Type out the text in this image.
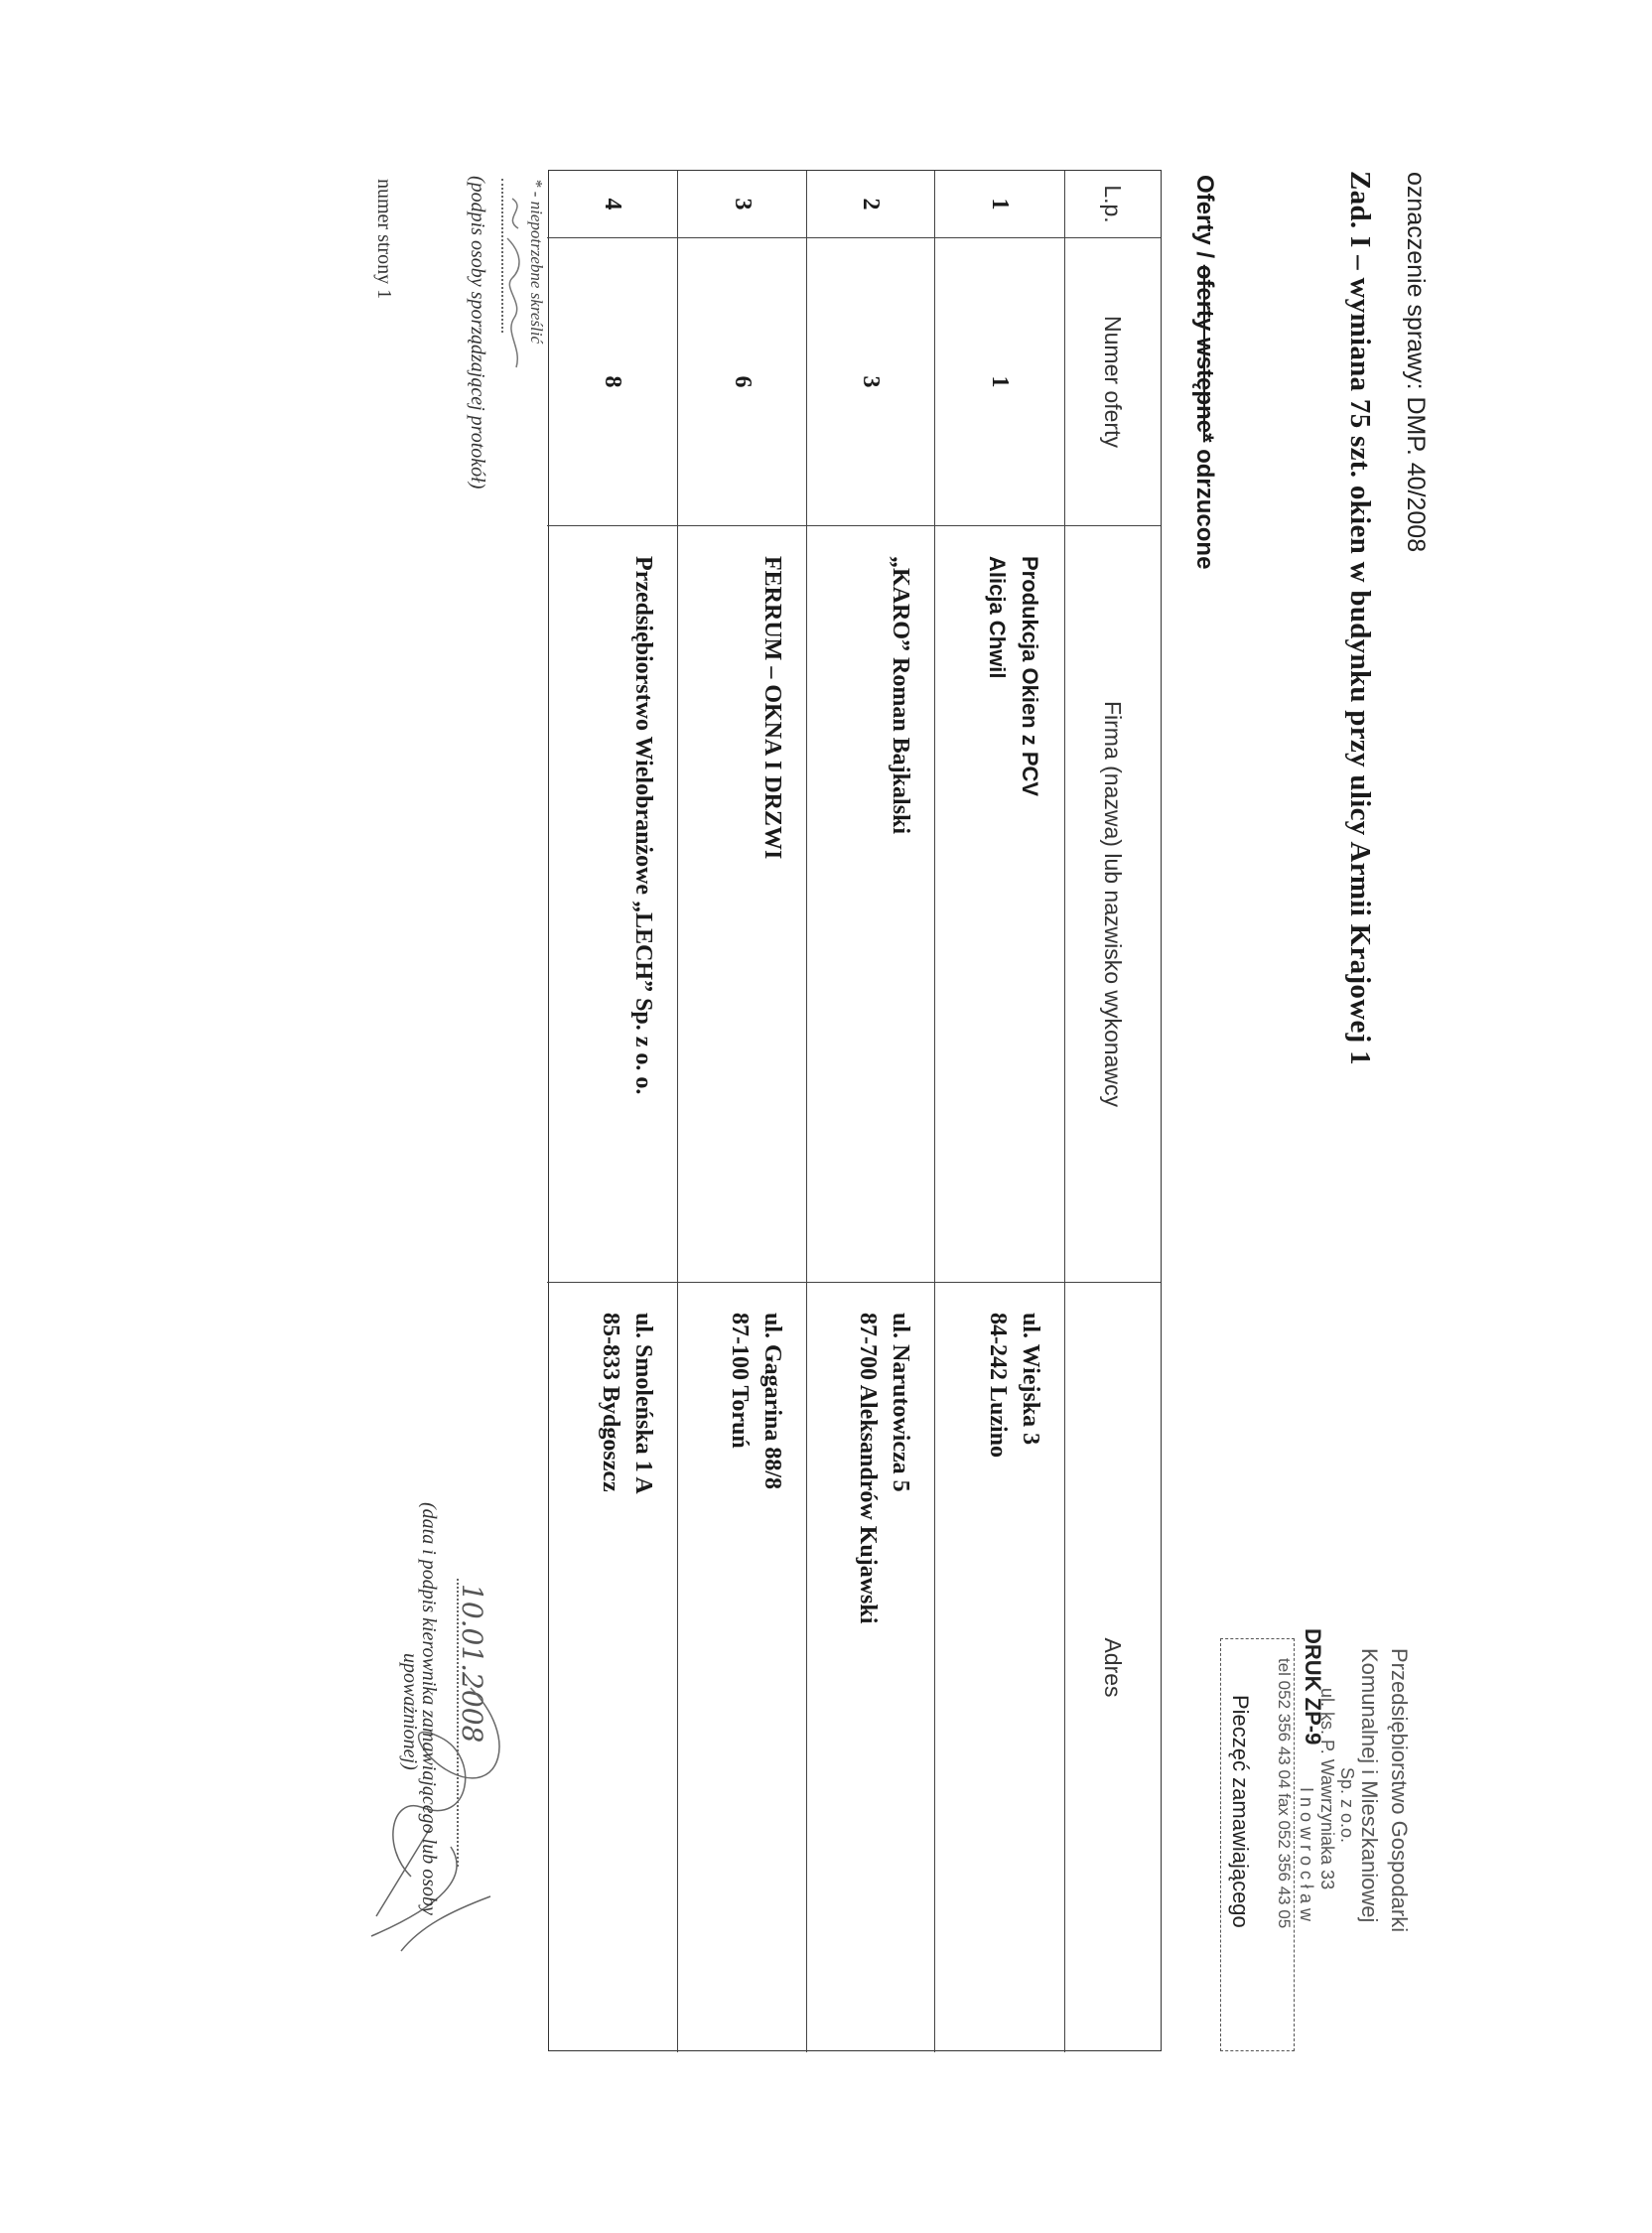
oznaczenie sprawy: DMP. 40/2008
Zad. I – wymiana 75 szt. okien w budynku przy ulicy Armii Krajowej 1
Oferty / oferty wstępne* odrzucone
Przedsiębiorstwo Gospodarki
Komunalnej i Mieszkaniowej
Sp. z o.o.
ul. ks. P. Wawrzyniaka 33
DRUK ZP-9
I n o w r o c ł a w
tel 052 356 43 04 fax 052 356 43 05
Pieczęć zamawiającego
L.p.
Numer oferty
Firma (nazwa) lub nazwisko wykonawcy
Adres
1
1
Produkcja Okien z PCV
Alicja Chwil
ul. Wiejska 3
84-242 Luzino
2
3
„KARO” Roman Bajkalski
ul. Narutowicza 5
87-700 Aleksandrów Kujawski
3
6
FERRUM – OKNA I DRZWI
ul. Gagarina 88/8
87-100 Toruń
4
8
Przedsiębiorstwo Wielobranżowe „LECH” Sp. z o. o.
ul. Smoleńska 1 A
85-833 Bydgoszcz
* - niepotrzebne skreślić
(podpis osoby sporządzającej protokół)
numer strony 1
10.01.2008
(data i podpis kierownika zamawiającego lub osoby
upoważnionej)
